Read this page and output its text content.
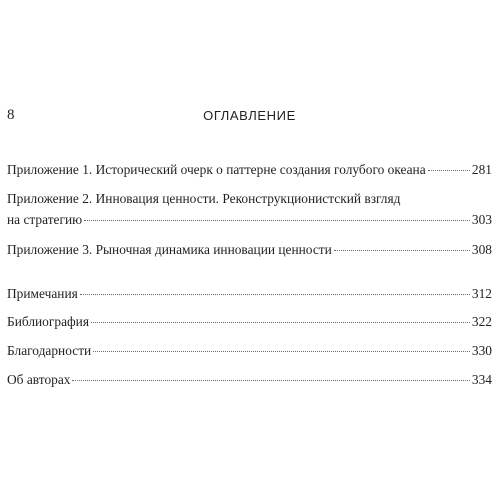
8	ОГЛАВЛЕНИЕ
Приложение 1. Исторический очерк о паттерне создания голубого океана	281
Приложение 2. Инновация ценности. Реконструкционистский взгляд
на стратегию	303
Приложение 3. Рыночная динамика инновации ценности	308
Примечания	312
Библиография	322
Благодарности	330
Об авторах	334
